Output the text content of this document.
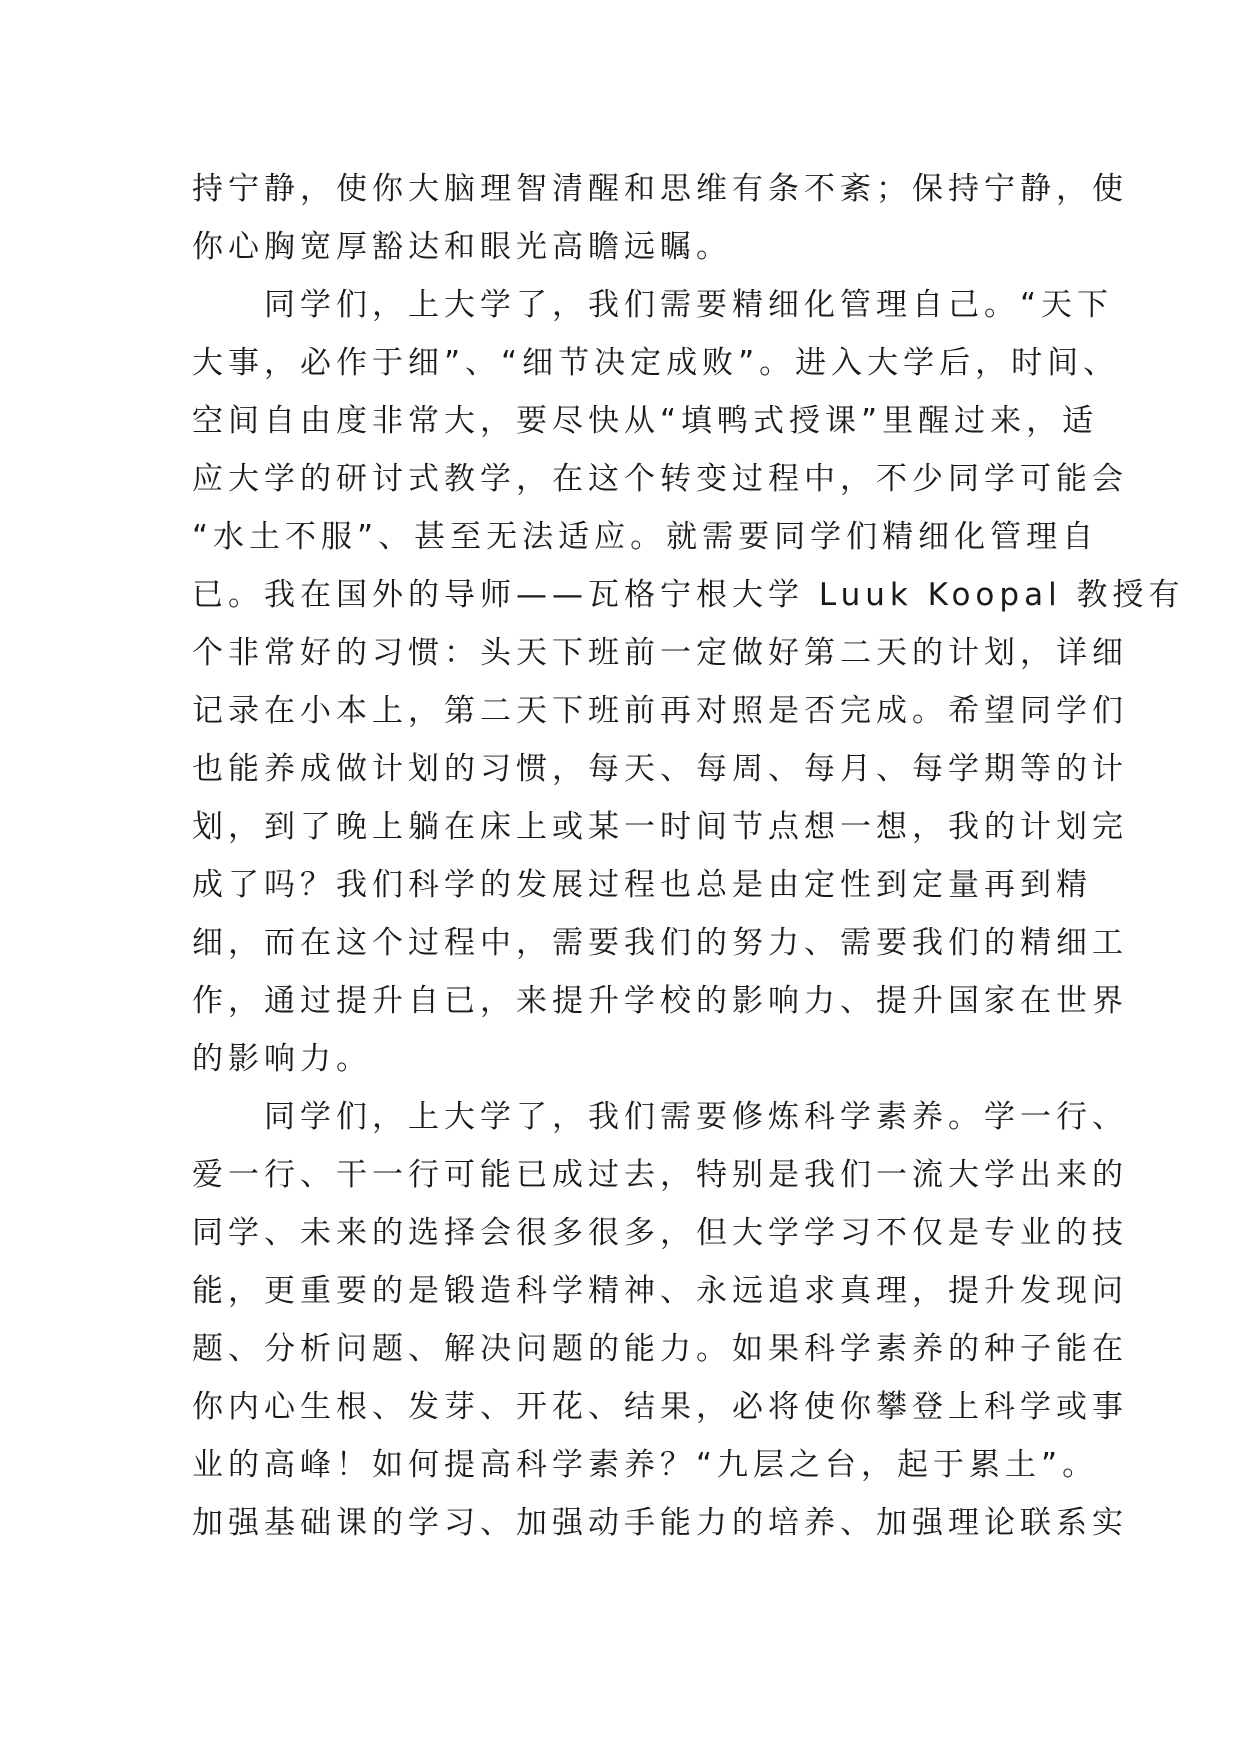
持宁静，使你大脑理智清醒和思维有条不紊；保持宁静，使
你心胸宽厚豁达和眼光高瞻远瞩。
　　同学们，上大学了，我们需要精细化管理自己。“天下
大事，必作于细”、“细节决定成败”。进入大学后，时间、
空间自由度非常大，要尽快从“填鸭式授课”里醒过来，适
应大学的研讨式教学，在这个转变过程中，不少同学可能会
“水土不服”、甚至无法适应。就需要同学们精细化管理自
已。我在国外的导师——瓦格宁根大学 Luuk Koopal 教授有
个非常好的习惯：头天下班前一定做好第二天的计划，详细
记录在小本上，第二天下班前再对照是否完成。希望同学们
也能养成做计划的习惯，每天、每周、每月、每学期等的计
划，到了晚上躺在床上或某一时间节点想一想，我的计划完
成了吗？我们科学的发展过程也总是由定性到定量再到精
细，而在这个过程中，需要我们的努力、需要我们的精细工
作，通过提升自已，来提升学校的影响力、提升国家在世界
的影响力。
　　同学们，上大学了，我们需要修炼科学素养。学一行、
爱一行、干一行可能已成过去，特别是我们一流大学出来的
同学、未来的选择会很多很多，但大学学习不仅是专业的技
能，更重要的是锻造科学精神、永远追求真理，提升发现问
题、分析问题、解决问题的能力。如果科学素养的种子能在
你内心生根、发芽、开花、结果，必将使你攀登上科学或事
业的高峰！如何提高科学素养？“九层之台，起于累土”。
加强基础课的学习、加强动手能力的培养、加强理论联系实
